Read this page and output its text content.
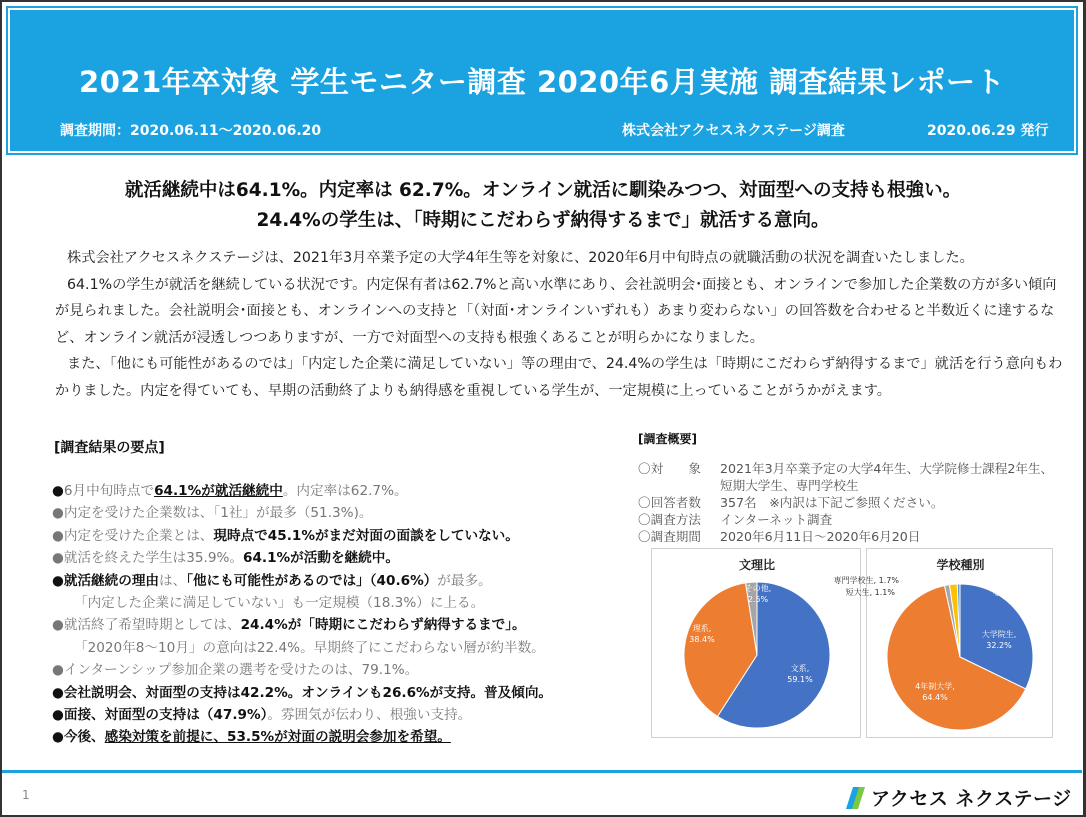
2021年卒対象 学生モニター調査 2020年6月実施 調査結果レポート
調査期間：2020.06.11～2020.06.20	株式会社アクセスネクステージ調査	2020.06.29 発行
就活継続中は64.1%。内定率は 62.7%。オンライン就活に馴染みつつ、対面型への支持も根強い。
24.4%の学生は、「時期にこだわらず納得するまで」就活する意向。

株式会社アクセスネクステージは、2021年3月卒業予定の大学4年生等を対象に、2020年6月中旬時点の就職活動の状況を調査いたしました。

64.1%の学生が就活を継続している状況です。内定保有者は62.7%と高い水準にあり、会社説明会･面接とも、オンラインで参加した企業数の方が多い傾向が見られました。会社説明会･面接とも、オンラインへの支持と「（対面･オンラインいずれも）あまり変わらない」の回答数を合わせると半数近くに達するなど、オンライン就活が浸透しつつありますが、一方で対面型への支持も根強くあることが明らかになりました。

また、「他にも可能性があるのでは」「内定した企業に満足していない」等の理由で、24.4%の学生は「時期にこだわらず納得するまで」就活を行う意向もわかりました。内定を得ていても、早期の活動終了よりも納得感を重視している学生が、一定規模に上っていることがうかがえます。

[調査結果の要点]
●6月中旬時点で64.1%が就活継続中。内定率は62.7%。
●内定を受けた企業数は、「1社」が最多（51.3%)。
●内定を受けた企業とは、現時点で45.1%がまだ対面の面談をしていない。
●就活を終えた学生は35.9%。64.1%が活動を継続中。
●就活継続の理由は、「他にも可能性があるのでは」（40.6%）が最多。
「内定した企業に満足していない」も一定規模（18.3%）に上る。
●就活終了希望時期としては、24.4%が「時期にこだわらず納得するまで」。
「2020年8～10月」の意向は22.4%。早期終了にこだわらない層が約半数。
●インターンシップ参加企業の選考を受けたのは、79.1%。
●会社説明会、対面型の支持は42.2%。オンラインも26.6%が支持。普及傾向。
●面接、対面型の支持は（47.9%）。雰囲気が伝わり、根強い支持。
●今後、感染対策を前提に、53.5%が対面の説明会参加を希望。
[調査概要]
〇対　　象	2021年3月卒業予定の大学4年生、大学院修士課程2年生、
短期大学生、専門学校生
〇回答者数	357名　※内訳は下記ご参照ください。
〇調査方法	インターネット調査
〇調査期間	2020年6月11日～2020年6月20日
文理比
文系, 59.1%
理系, 38.4%
その他, 2.5%
学校種別
大学院生, 32.2%
4年制大学, 64.4%
短大生, 1.1%
専門学校生, 1.7%
その他, 0.6%
1	アクセス ネクステージ
